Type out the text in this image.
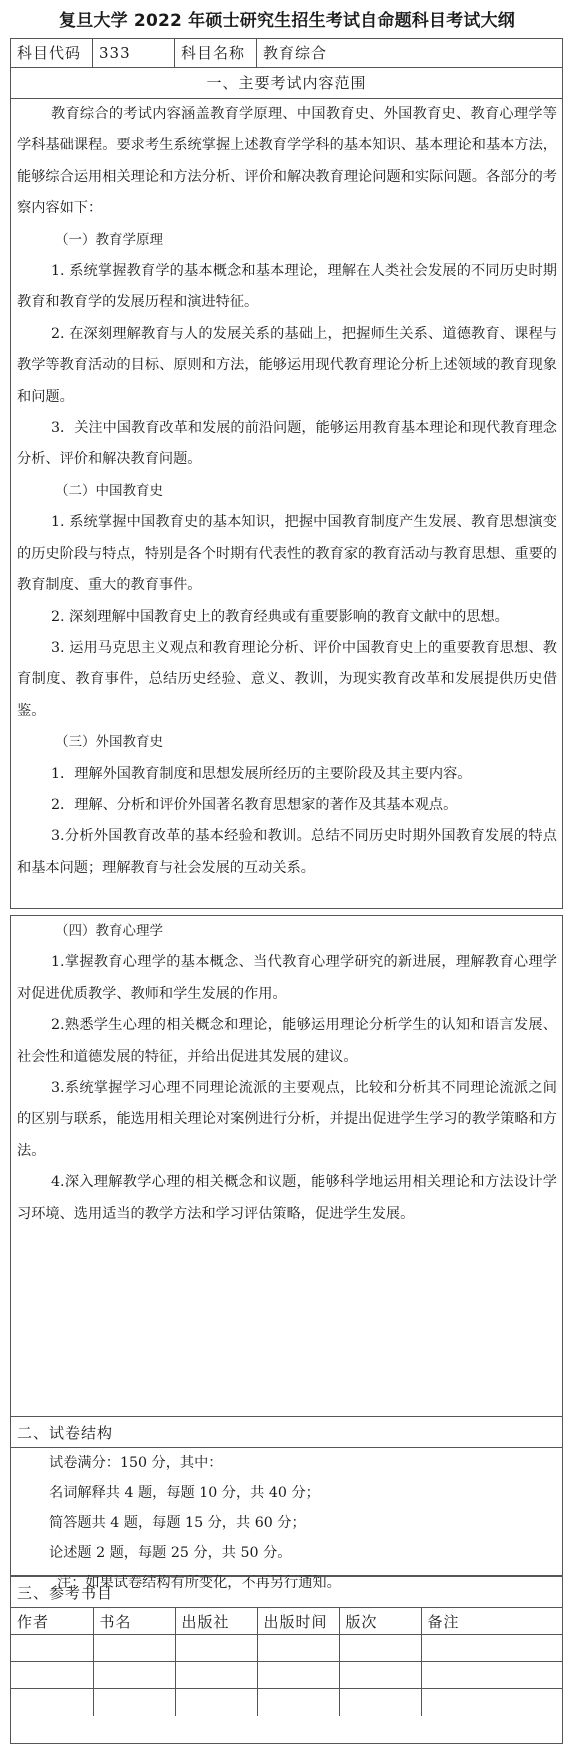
复旦大学 2022 年硕士研究生招生考试自命题科目考试大纲
科目代码	333	科目名称	教育综合
一、主要考试内容范围

教育综合的考试内容涵盖教育学原理、中国教育史、外国教育史、教育心理学等学科基础课程。要求考生系统掌握上述教育学学科的基本知识、基本理论和基本方法，能够综合运用相关理论和方法分析、评价和解决教育理论问题和实际问题。各部分的考察内容如下：

（一）教育学原理

1. 系统掌握教育学的基本概念和基本理论，理解在人类社会发展的不同历史时期教育和教育学的发展历程和演进特征。

2. 在深刻理解教育与人的发展关系的基础上，把握师生关系、道德教育、课程与教学等教育活动的目标、原则和方法，能够运用现代教育理论分析上述领域的教育现象和问题。

3．关注中国教育改革和发展的前沿问题，能够运用教育基本理论和现代教育理念分析、评价和解决教育问题。

（二）中国教育史

1. 系统掌握中国教育史的基本知识，把握中国教育制度产生发展、教育思想演变的历史阶段与特点，特别是各个时期有代表性的教育家的教育活动与教育思想、重要的教育制度、重大的教育事件。

2. 深刻理解中国教育史上的教育经典或有重要影响的教育文献中的思想。

3. 运用马克思主义观点和教育理论分析、评价中国教育史上的重要教育思想、教育制度、教育事件，总结历史经验、意义、教训，为现实教育改革和发展提供历史借鉴。

（三）外国教育史

1．理解外国教育制度和思想发展所经历的主要阶段及其主要内容。

2．理解、分析和评价外国著名教育思想家的著作及其基本观点。

3.分析外国教育改革的基本经验和教训。总结不同历史时期外国教育发展的特点和基本问题；理解教育与社会发展的互动关系。

（四）教育心理学

1.掌握教育心理学的基本概念、当代教育心理学研究的新进展，理解教育心理学对促进优质教学、教师和学生发展的作用。

2.熟悉学生心理的相关概念和理论，能够运用理论分析学生的认知和语言发展、社会性和道德发展的特征，并给出促进其发展的建议。

3.系统掌握学习心理不同理论流派的主要观点，比较和分析其不同理论流派之间的区别与联系，能选用相关理论对案例进行分析，并提出促进学生学习的教学策略和方法。

4.深入理解教学心理的相关概念和议题，能够科学地运用相关理论和方法设计学习环境、选用适当的教学方法和学习评估策略，促进学生发展。

二、试卷结构

试卷满分：150 分，其中：

名词解释共 4 题，每题 10 分，共 40 分；

简答题共 4 题，每题 15 分，共 60 分；

论述题 2 题，每题 25 分，共 50 分。

注：如果试卷结构有所变化，不再另行通知。

三、参考书目
作者	书名	出版社	出版时间	版次	备注
